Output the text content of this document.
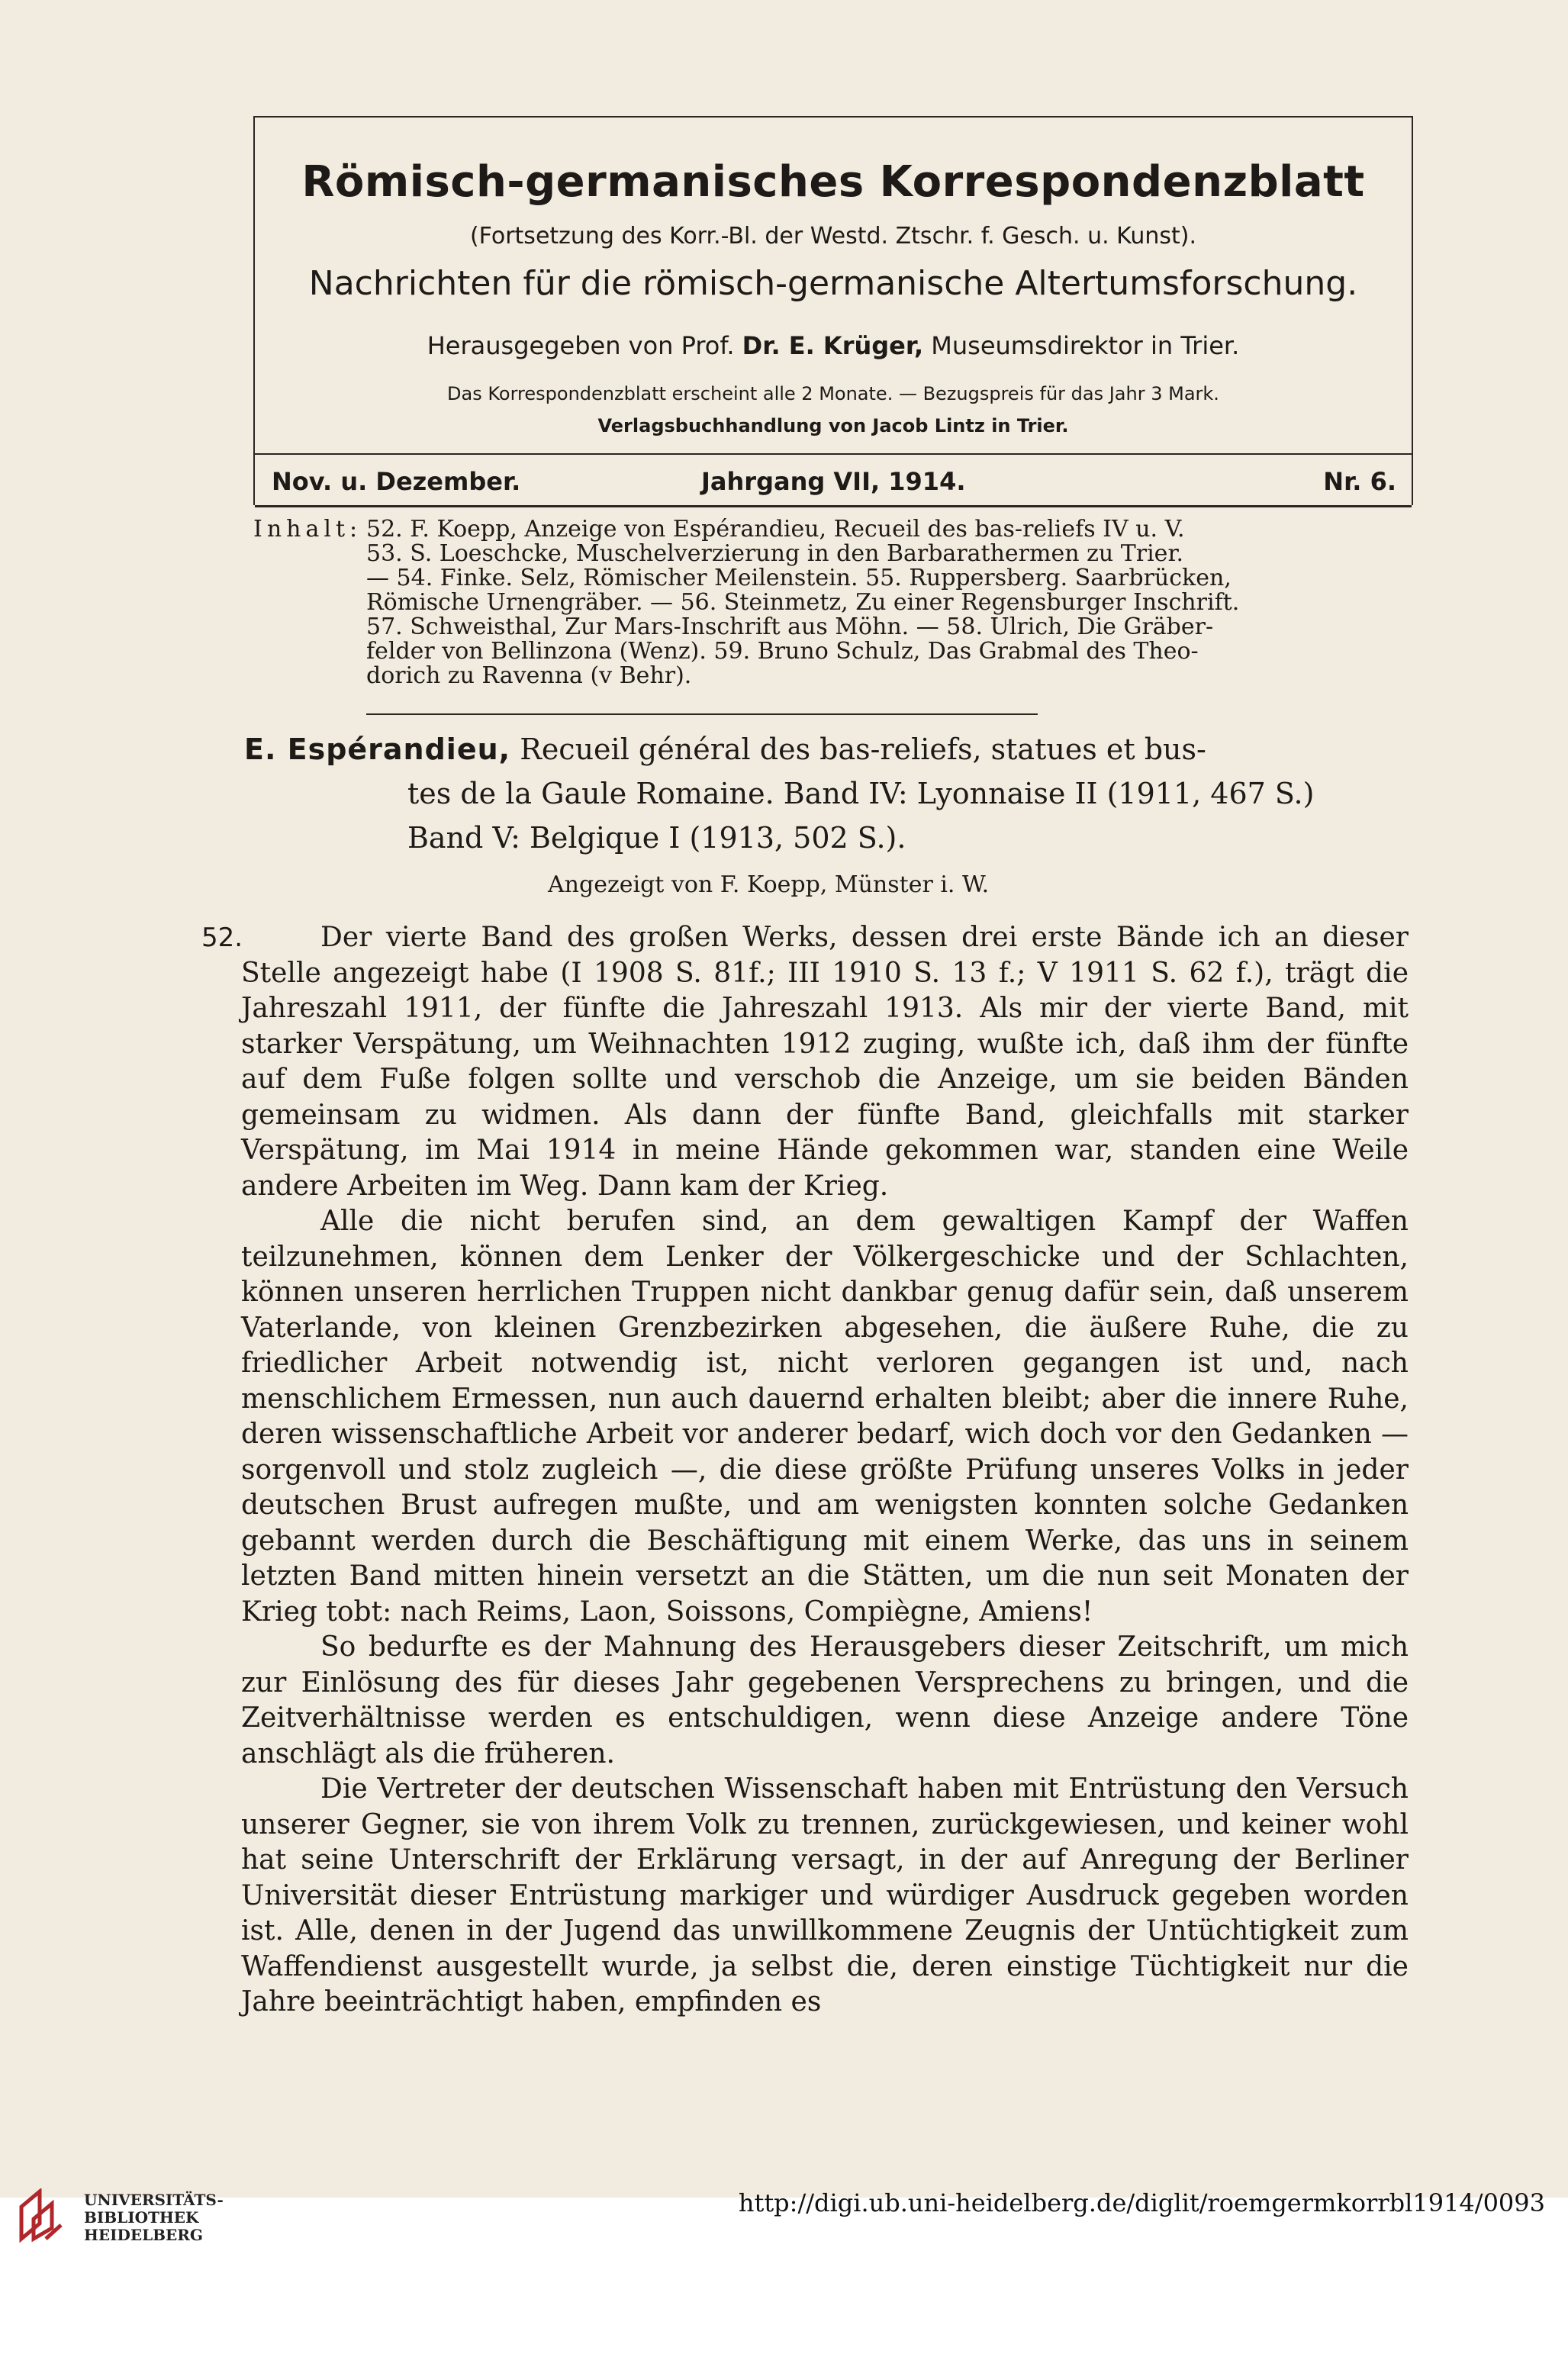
Römisch-germanisches Korrespondenzblatt
(Fortsetzung des Korr.-Bl. der Westd. Ztschr. f. Gesch. u. Kunst).
Nachrichten für die römisch-germanische Altertumsforschung.
Herausgegeben von Prof. Dr. E. Krüger, Museumsdirektor in Trier.
Das Korrespondenzblatt erscheint alle 2 Monate. — Bezugspreis für das Jahr 3 Mark.
Verlagsbuchhandlung von Jacob Lintz in Trier.
Nov. u. Dezember.	Jahrgang VII, 1914.	Nr. 6.
Inhalt: 52. F. Koepp, Anzeige von Espérandieu, Recueil des bas-reliefs IV u. V.
53. S. Loeschcke, Muschelverzierung in den Barbarathermen zu Trier.
— 54. Finke. Selz, Römischer Meilenstein. 55. Ruppersberg. Saarbrücken,
Römische Urnengräber. — 56. Steinmetz, Zu einer Regensburger Inschrift.
57. Schweisthal, Zur Mars-Inschrift aus Möhn. — 58. Ulrich, Die Gräber-
felder von Bellinzona (Wenz). 59. Bruno Schulz, Das Grabmal des Theo-
dorich zu Ravenna (v Behr).
E. Espérandieu, Recueil général des bas-reliefs, statues et bus-
tes de la Gaule Romaine. Band IV: Lyonnaise II (1911, 467 S.)
Band V: Belgique I (1913, 502 S.).
Angezeigt von F. Koepp, Münster i. W.
52.	Der vierte Band des großen Werks, dessen drei erste Bände ich an dieser Stelle angezeigt habe (I 1908 S. 81f.; III 1910 S. 13 f.; V 1911 S. 62 f.), trägt die Jahreszahl 1911, der fünfte die Jahreszahl 1913. Als mir der vierte Band, mit starker Verspätung, um Weihnachten 1912 zuging, wußte ich, daß ihm der fünfte auf dem Fuße folgen sollte und verschob die Anzeige, um sie beiden Bänden gemeinsam zu widmen. Als dann der fünfte Band, gleichfalls mit starker Verspätung, im Mai 1914 in meine Hände gekommen war, standen eine Weile andere Arbeiten im Weg. Dann kam der Krieg.

Alle die nicht berufen sind, an dem gewaltigen Kampf der Waffen teilzunehmen, können dem Lenker der Völkergeschicke und der Schlachten, können unseren herrlichen Truppen nicht dankbar genug dafür sein, daß unserem Vaterlande, von kleinen Grenzbezirken abgesehen, die äußere Ruhe, die zu friedlicher Arbeit notwendig ist, nicht verloren gegangen ist und, nach menschlichem Ermessen, nun auch dauernd erhalten bleibt; aber die innere Ruhe, deren wissenschaftliche Arbeit vor anderer bedarf, wich doch vor den Gedanken — sorgenvoll und stolz zugleich —, die diese größte Prüfung unseres Volks in jeder deutschen Brust aufregen mußte, und am wenigsten konnten solche Gedanken gebannt werden durch die Beschäftigung mit einem Werke, das uns in seinem letzten Band mitten hinein versetzt an die Stätten, um die nun seit Monaten der Krieg tobt: nach Reims, Laon, Soissons, Compiègne, Amiens!

So bedurfte es der Mahnung des Herausgebers dieser Zeitschrift, um mich zur Einlösung des für dieses Jahr gegebenen Versprechens zu bringen, und die Zeitverhältnisse werden es entschuldigen, wenn diese Anzeige andere Töne anschlägt als die früheren.

Die Vertreter der deutschen Wissenschaft haben mit Entrüstung den Versuch unserer Gegner, sie von ihrem Volk zu trennen, zurückgewiesen, und keiner wohl hat seine Unterschrift der Erklärung versagt, in der auf Anregung der Berliner Universität dieser Entrüstung markiger und würdiger Ausdruck gegeben worden ist. Alle, denen in der Jugend das unwillkommene Zeugnis der Untüchtigkeit zum Waffendienst ausgestellt wurde, ja selbst die, deren einstige Tüchtigkeit nur die Jahre beeinträchtigt haben, empfinden es

UNIVERSITÄTS-
BIBLIOTHEK
HEIDELBERG
http://digi.ub.uni-heidelberg.de/diglit/roemgermkorrbl1914/0093
